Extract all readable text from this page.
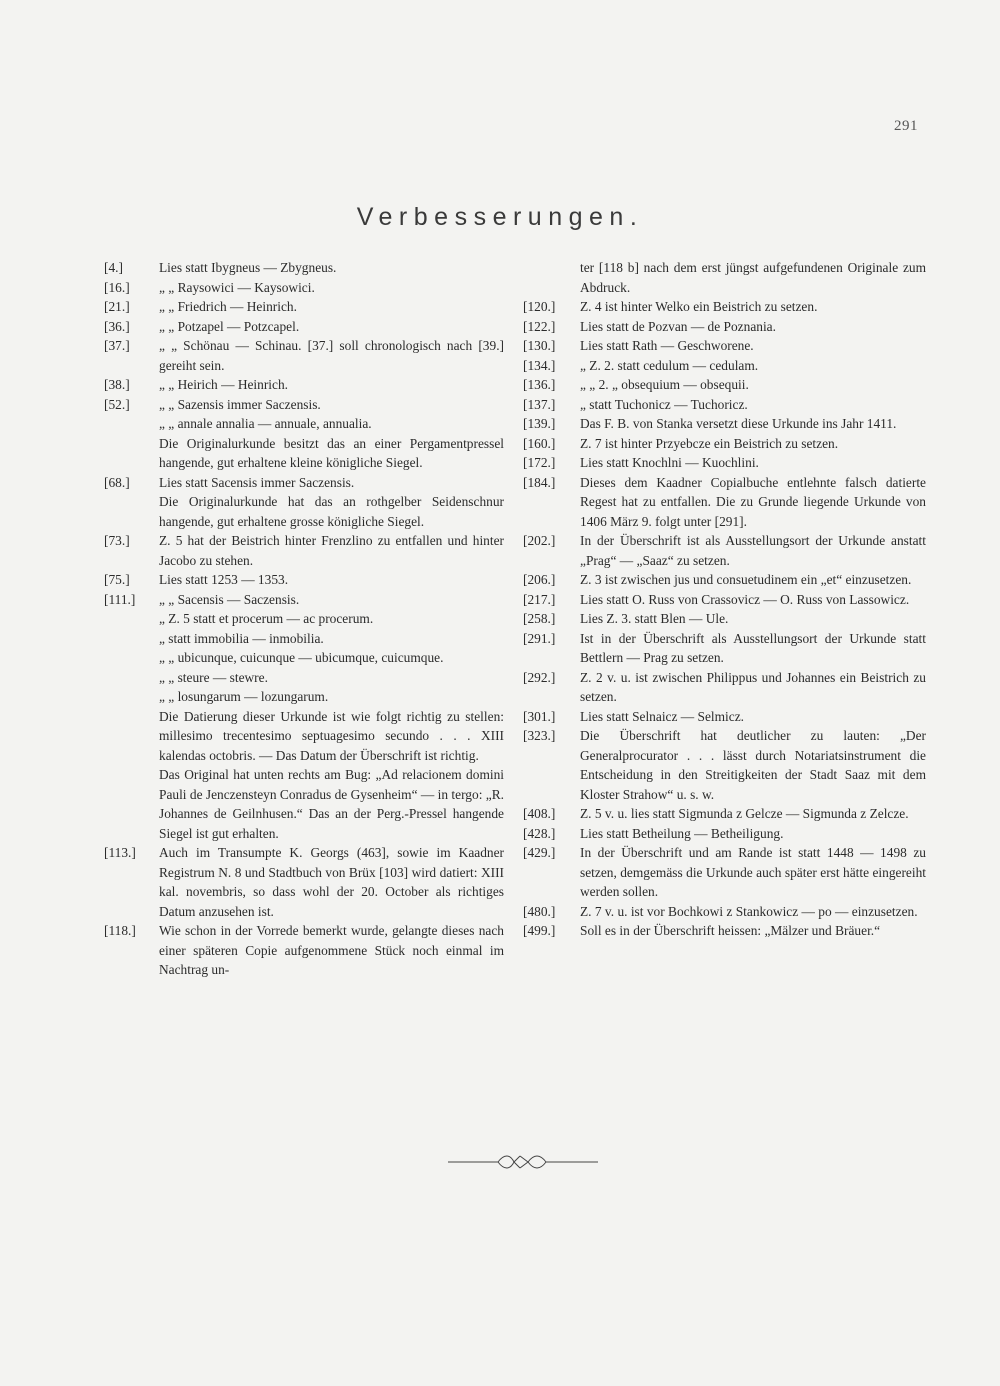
291
Verbesserungen.

[4.]	Lies statt Ibygneus — Zbygneus.

[16.]	„ „ Raysowici — Kaysowici.

[21.]	„ „ Friedrich — Heinrich.

[36.]	„ „ Potzapel — Potzcapel.

[37.]	„ „ Schönau — Schinau. [37.] soll chronologisch nach [39.] gereiht sein.

[38.]	„ „ Heirich — Heinrich.

[52.]	„ „ Sazensis immer Saczensis.

„ „ annale annalia — annuale, annualia.

Die Originalurkunde besitzt das an einer Pergamentpressel hangende, gut erhaltene kleine königliche Siegel.

[68.]	Lies statt Sacensis immer Saczensis.

Die Originalurkunde hat das an rothgelber Seidenschnur hangende, gut erhaltene grosse königliche Siegel.

[73.]	Z. 5 hat der Beistrich hinter Frenzlino zu entfallen und hinter Jacobo zu stehen.

[75.]	Lies statt 1253 — 1353.

[111.]	„ „ Sacensis — Saczensis.

„ Z. 5 statt et procerum — ac procerum.

„ statt immobilia — inmobilia.

„ „ ubicunque, cuicunque — ubicumque, cuicumque.

„ „ steure — stewre.

„ „ losungarum — lozungarum.

Die Datierung dieser Urkunde ist wie folgt richtig zu stellen: millesimo trecentesimo septuagesimo secundo . . . XIII kalendas octobris. — Das Datum der Überschrift ist richtig.

Das Original hat unten rechts am Bug: „Ad relacionem domini Pauli de Jenczensteyn Conradus de Gysenheim“ — in tergo: „R. Johannes de Geilnhusen.“ Das an der Perg.-Pressel hangende Siegel ist gut erhalten.

[113.]	Auch im Transumpte K. Georgs (463], sowie im Kaadner Registrum N. 8 und Stadtbuch von Brüx [103] wird datiert: XIII kal. novembris, so dass wohl der 20. October als richtiges Datum anzusehen ist.

[118.]	Wie schon in der Vorrede bemerkt wurde, gelangte dieses nach einer späteren Copie aufgenommene Stück noch einmal im Nachtrag un-

ter [118 b] nach dem erst jüngst aufgefundenen Originale zum Abdruck.

[120.]	Z. 4 ist hinter Welko ein Beistrich zu setzen.

[122.]	Lies statt de Pozvan — de Poznania.

[130.]	Lies statt Rath — Geschworene.

[134.]	„ Z. 2. statt cedulum — cedulam.

[136.]	„ „ 2. „ obsequium — obsequii.

[137.]	„ statt Tuchonicz — Tuchoricz.

[139.]	Das F. B. von Stanka versetzt diese Urkunde ins Jahr 1411.

[160.]	Z. 7 ist hinter Przyebcze ein Beistrich zu setzen.

[172.]	Lies statt Knochlni — Kuochlini.

[184.]	Dieses dem Kaadner Copialbuche entlehnte falsch datierte Regest hat zu entfallen. Die zu Grunde liegende Urkunde von 1406 März 9. folgt unter [291].

[202.]	In der Überschrift ist als Ausstellungsort der Urkunde anstatt „Prag“ — „Saaz“ zu setzen.

[206.]	Z. 3 ist zwischen jus und consuetudinem ein „et“ einzusetzen.

[217.]	Lies statt O. Russ von Crassovicz — O. Russ von Lassowicz.

[258.]	Lies Z. 3. statt Blen — Ule.

[291.]	Ist in der Überschrift als Ausstellungsort der Urkunde statt Bettlern — Prag zu setzen.

[292.]	Z. 2 v. u. ist zwischen Philippus und Johannes ein Beistrich zu setzen.

[301.]	Lies statt Selnaicz — Selmicz.

[323.]	Die Überschrift hat deutlicher zu lauten: „Der Generalprocurator . . . lässt durch Notariatsinstrument die Entscheidung in den Streitigkeiten der Stadt Saaz mit dem Kloster Strahow“ u. s. w.

[408.]	Z. 5 v. u. lies statt Sigmunda z Gelcze — Sigmunda z Zelcze.

[428.]	Lies statt Betheilung — Betheiligung.

[429.]	In der Überschrift und am Rande ist statt 1448 — 1498 zu setzen, demgemäss die Urkunde auch später erst hätte eingereiht werden sollen.

[480.]	Z. 7 v. u. ist vor Bochkowi z Stankowicz — po — einzusetzen.

[499.]	Soll es in der Überschrift heissen: „Mälzer und Bräuer.“
